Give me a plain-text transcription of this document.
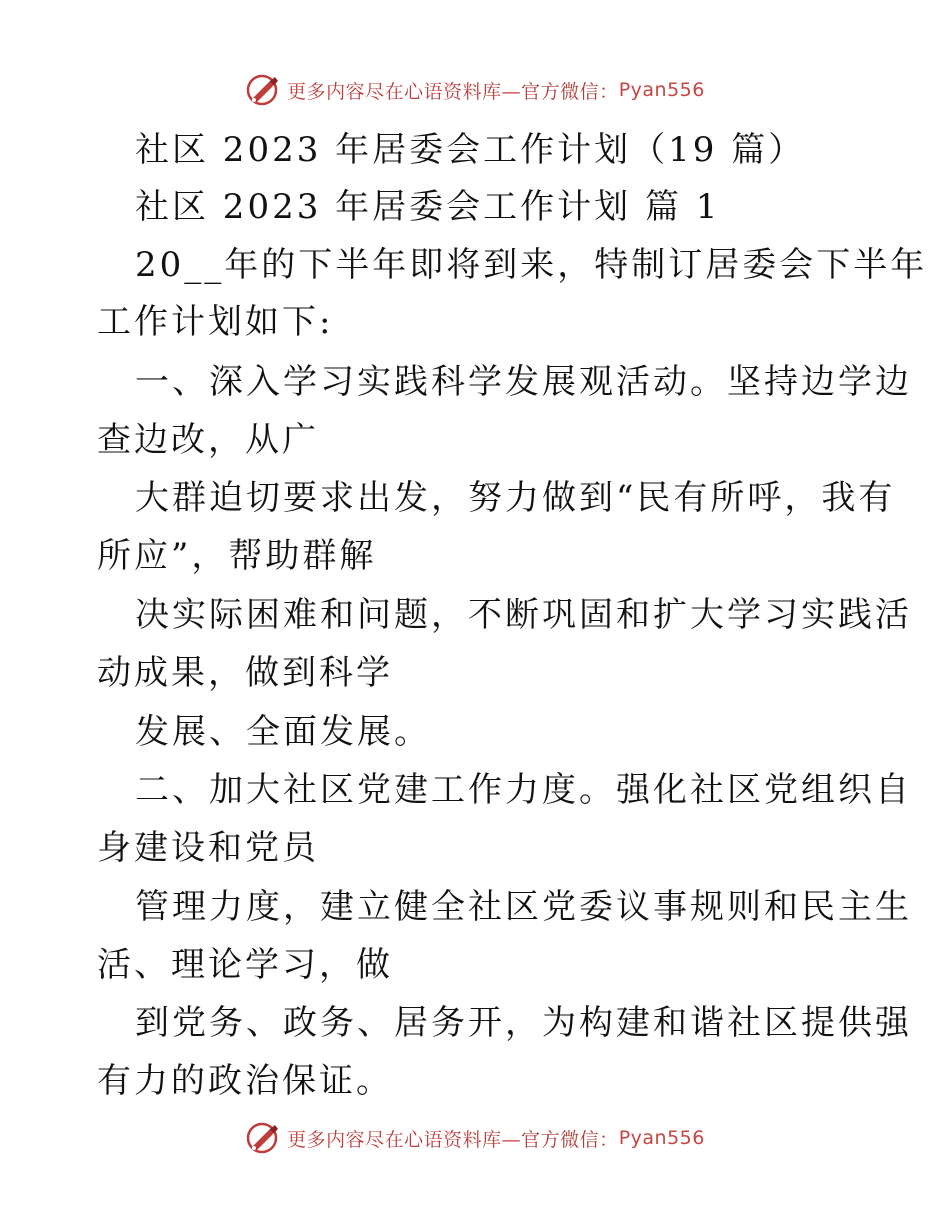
更多内容尽在心语资料库— 官方微信： Pyan556
社区 2023 年居委会工作计划（19 篇）
社区 2023 年居委会工作计划 篇 1
20__年的下半年即将到来，特制订居委会下半年
工作计划如下:
一、深入学习实践科学发展观活动。坚持边学边
查边改，从广
大群迫切要求出发，努力做到“民有所呼，我有
所应”，帮助群解
决实际困难和问题，不断巩固和扩大学习实践活
动成果，做到科学
发展、全面发展。
二、加大社区党建工作力度。强化社区党组织自
身建设和党员
管理力度，建立健全社区党委议事规则和民主生
活、理论学习，做
到党务、政务、居务开，为构建和谐社区提供强
有力的政治保证。
更多内容尽在心语资料库— 官方微信： Pyan556
